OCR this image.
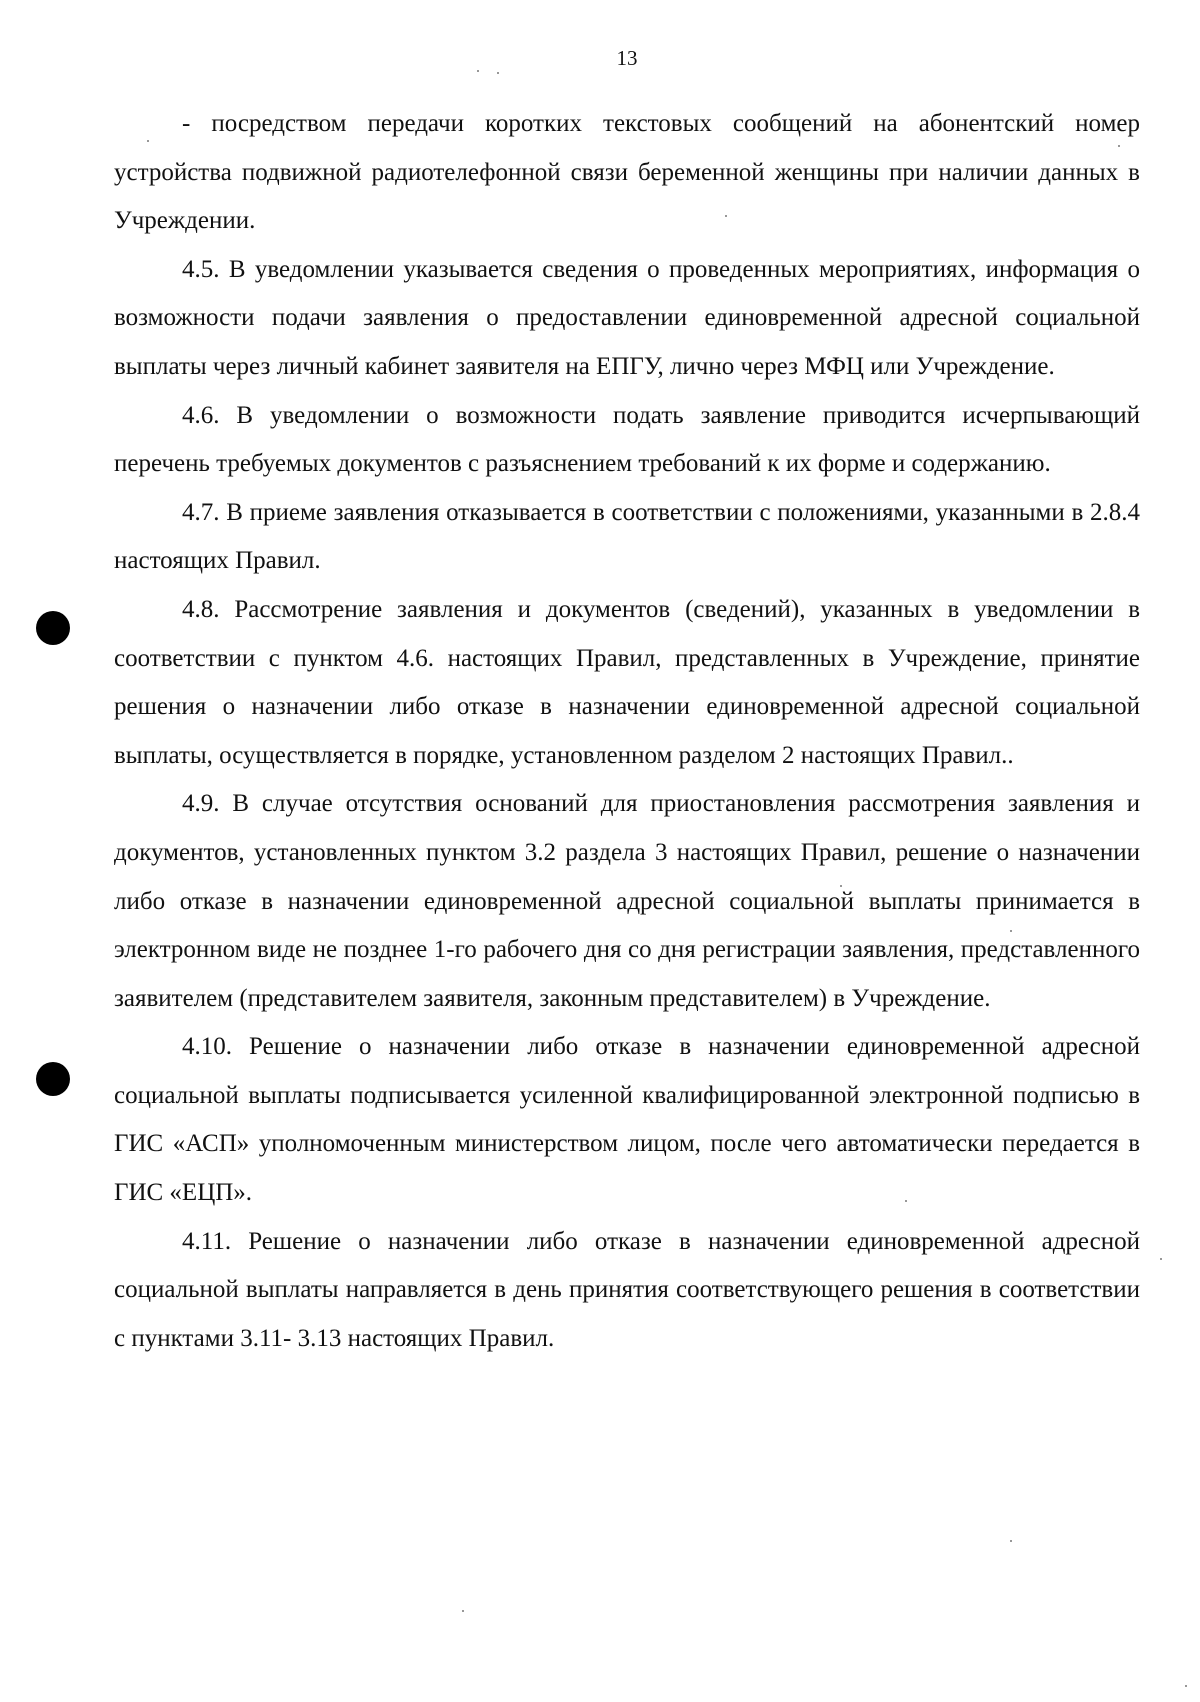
13

- посредством передачи коротких текстовых сообщений на абонентский номер устройства подвижной радиотелефонной связи беременной женщины при наличии данных в Учреждении.

4.5. В уведомлении указывается сведения о проведенных мероприятиях, информация о возможности подачи заявления о предоставлении единовременной адресной социальной выплаты через личный кабинет заявителя на ЕПГУ, лично через МФЦ или Учреждение.

4.6. В уведомлении о возможности подать заявление приводится исчерпывающий перечень требуемых документов с разъяснением требований к их форме и содержанию.

4.7. В приеме заявления отказывается в соответствии с положениями, указанными в 2.8.4 настоящих Правил.

4.8. Рассмотрение заявления и документов (сведений), указанных в уведомлении в соответствии с пунктом 4.6. настоящих Правил, представленных в Учреждение, принятие решения о назначении либо отказе в назначении единовременной адресной социальной выплаты, осуществляется в порядке, установленном разделом 2 настоящих Правил..

4.9. В случае отсутствия оснований для приостановления рассмотрения заявления и документов, установленных пунктом 3.2 раздела 3 настоящих Правил, решение о назначении либо отказе в назначении единовременной адресной социальной выплаты принимается в электронном виде не позднее 1-го рабочего дня со дня регистрации заявления, представленного заявителем (представителем заявителя, законным представителем) в Учреждение.

4.10. Решение о назначении либо отказе в назначении единовременной адресной социальной выплаты подписывается усиленной квалифицированной электронной подписью в ГИС «АСП» уполномоченным министерством лицом, после чего автоматически передается в ГИС «ЕЦП».

4.11. Решение о назначении либо отказе в назначении единовременной адресной социальной выплаты направляется в день принятия соответствующего решения в соответствии с пунктами 3.11- 3.13 настоящих Правил.
